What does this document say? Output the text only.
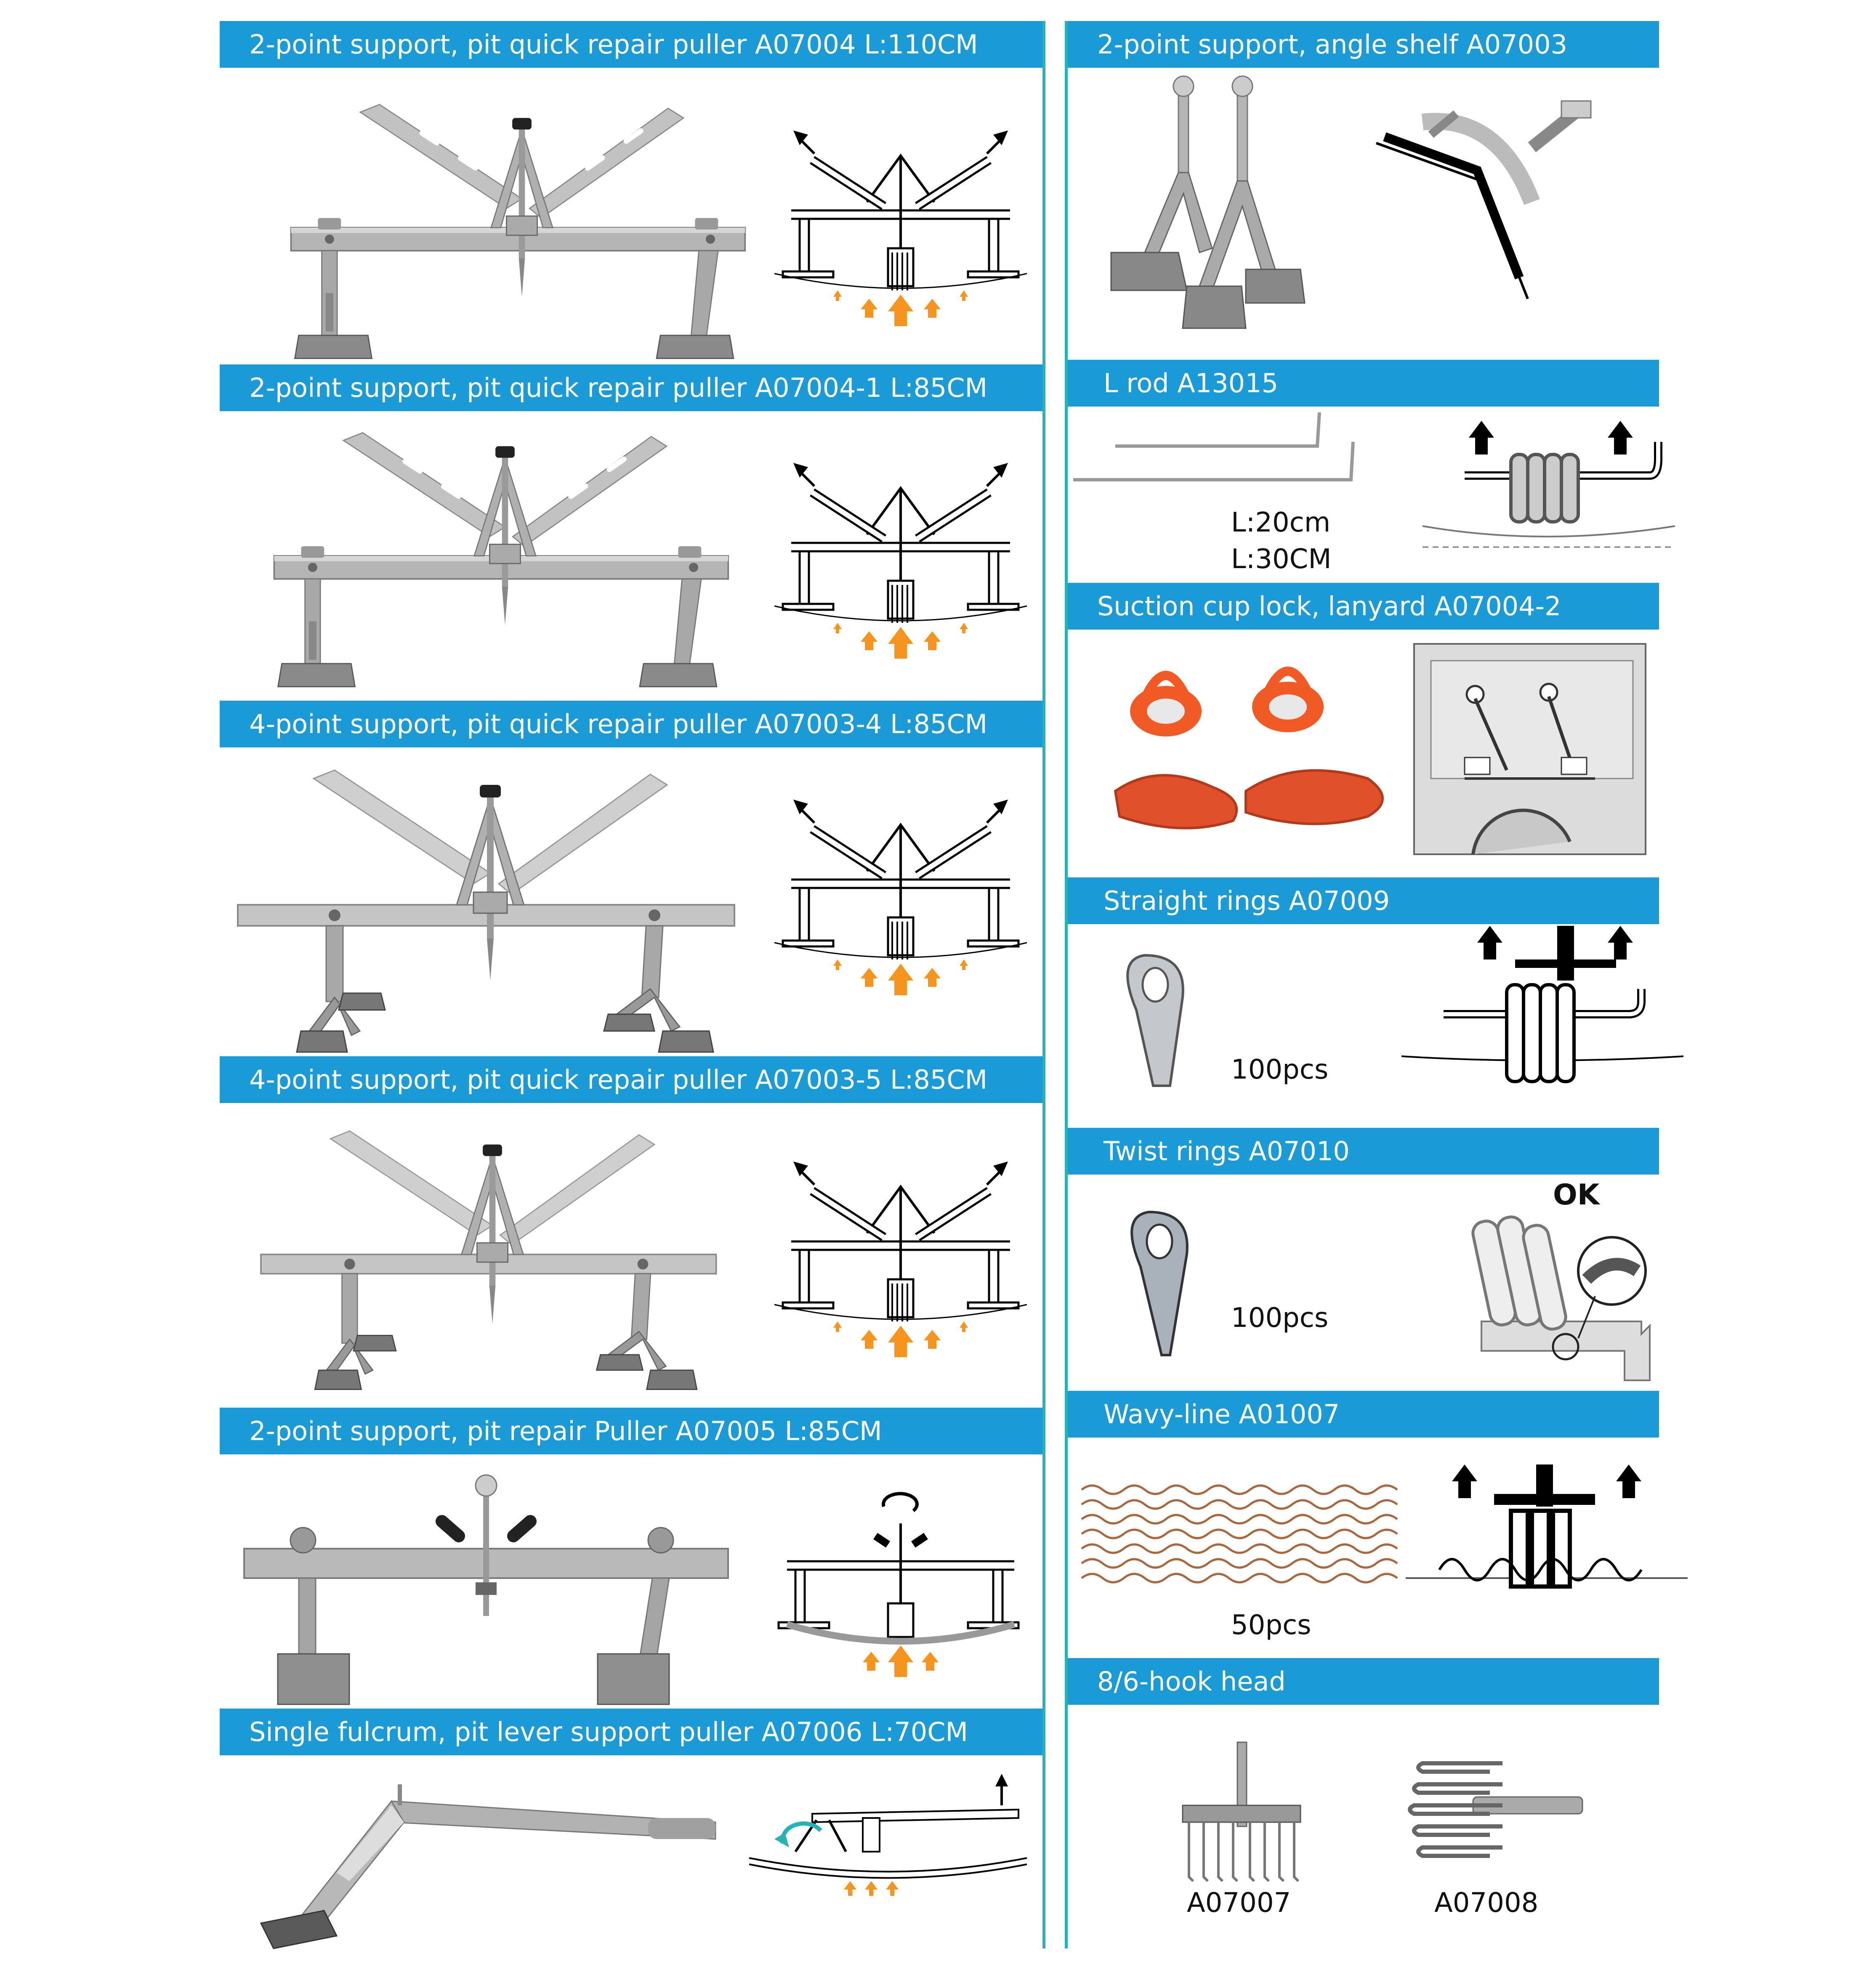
2-point support, pit quick repair puller A07004 L:110CM
2-point support, pit quick repair puller A07004-1 L:85CM
4-point support, pit quick repair puller A07003-4 L:85CM
4-point support, pit quick repair puller A07003-5 L:85CM
2-point support, pit repair Puller A07005 L:85CM
Single fulcrum, pit lever support puller A07006 L:70CM
2-point support, angle shelf A07003
L rod A13015
Suction cup lock, lanyard A07004-2
Straight rings A07009
Twist rings A07010
Wavy-line A01007
8/6-hook head
L:20cm
L:30CM
100pcs
100pcs
OK
50pcs
A07007	A07008
